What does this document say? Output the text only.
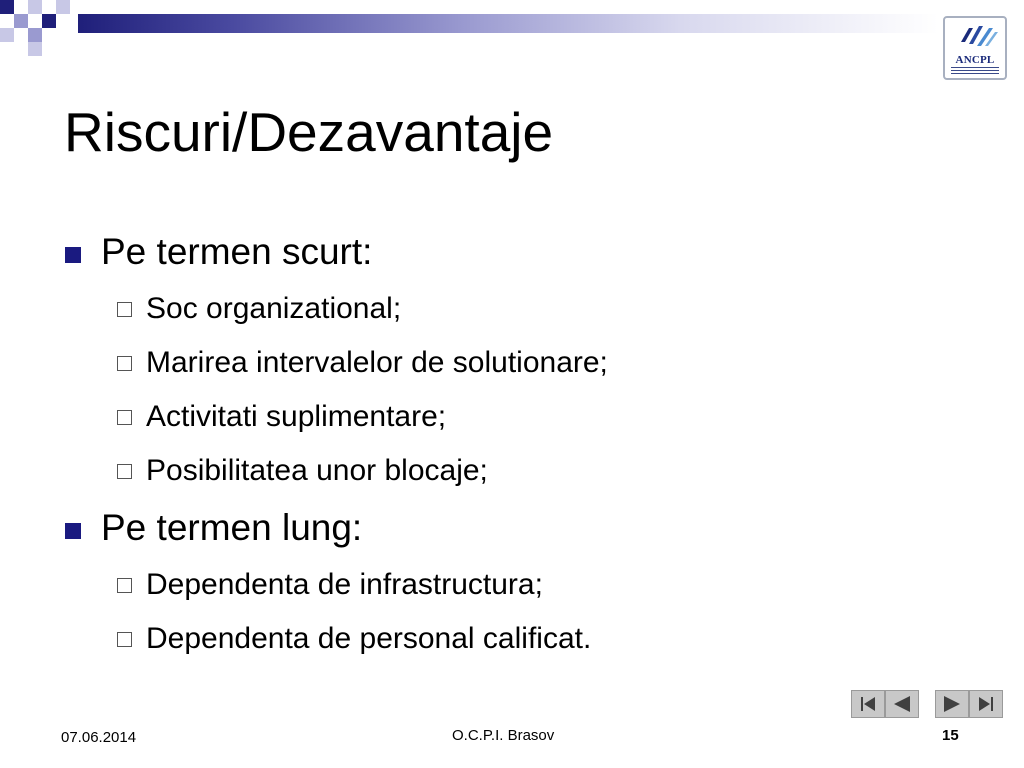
ANCPL
Riscuri/Dezavantaje
Pe termen scurt:
Soc organizational;
Marirea intervalelor de solutionare;
Activitati suplimentare;
Posibilitatea unor blocaje;
Pe termen lung:
Dependenta de infrastructura;
Dependenta de personal calificat.
07.06.2014	O.C.P.I. Brasov	15
